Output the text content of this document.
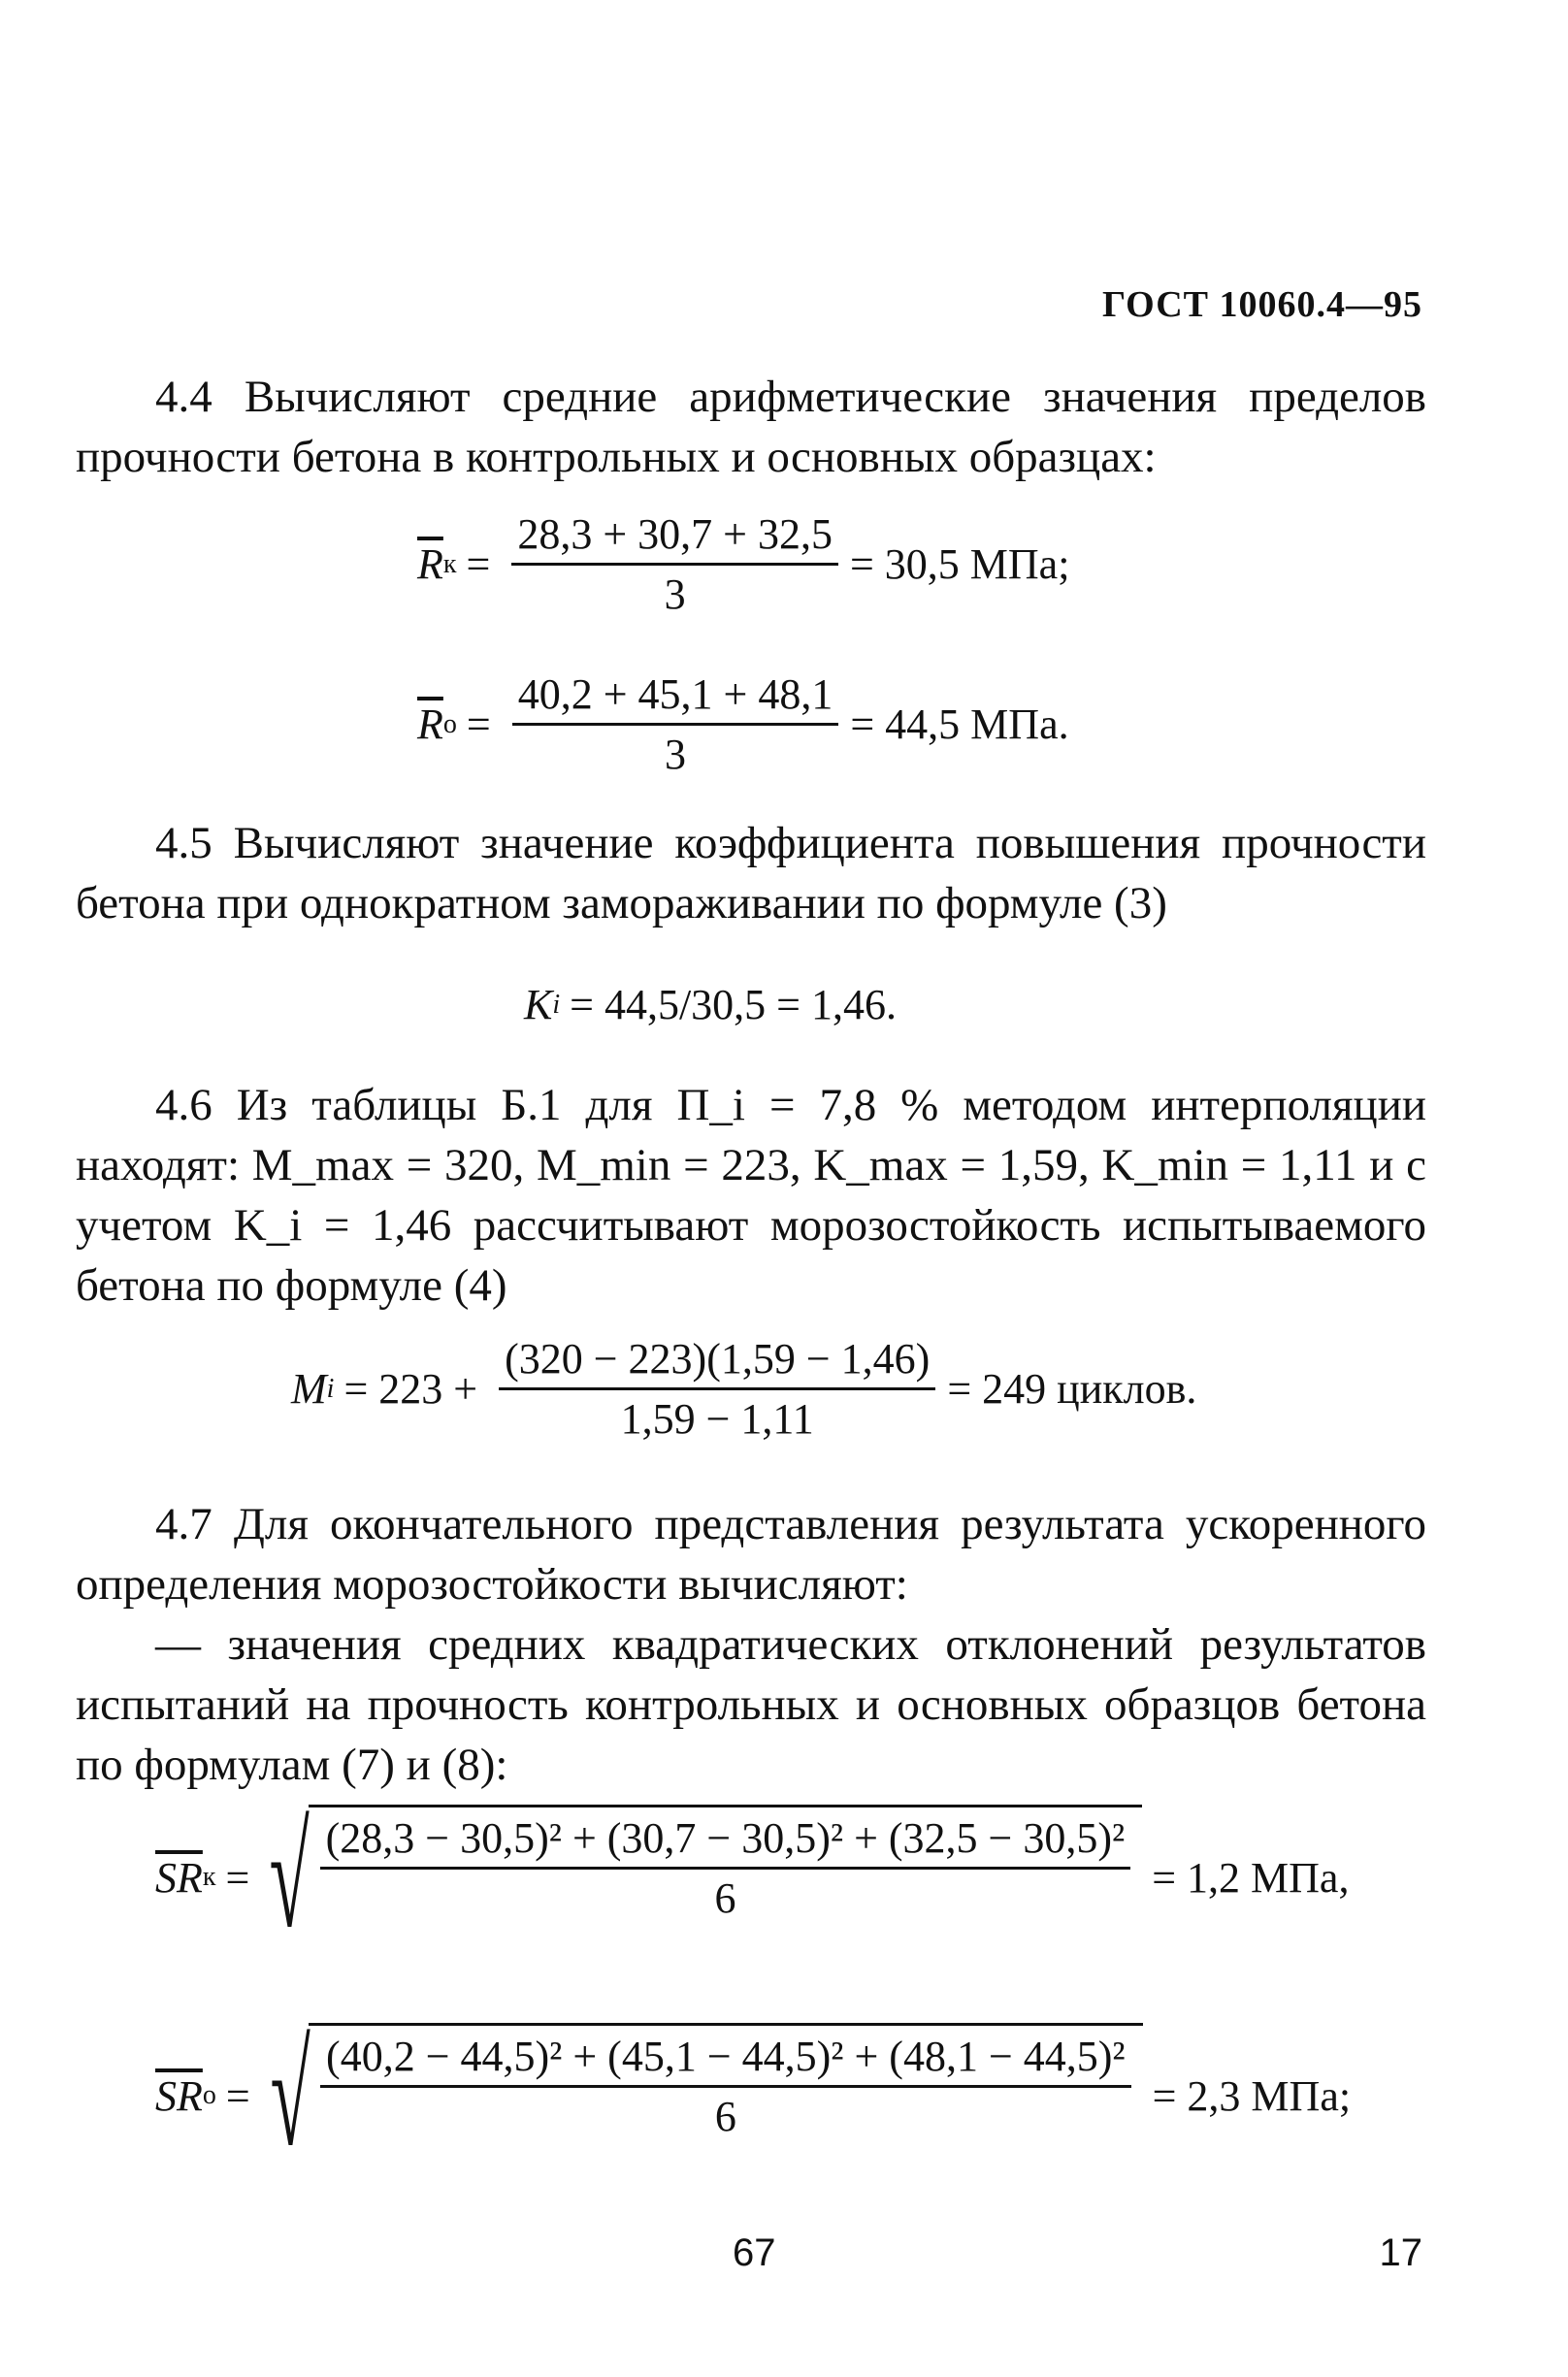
ГОСТ 10060.4—95

4.4 Вычисляют средние арифметические значения пределов прочности бетона в контрольных и основных образцах:

$\overline{R}$ $к = \frac{28,3 + 30,7 + 32,5}{3} = 30,5$ МПа;
$\overline{R}$ $о = \frac{40,2 + 45,1 + 48,1}{3} = 44,5$ МПа.

4.5 Вычисляют значение коэффициента повышения прочности бетона при однократном замораживании по формуле (3)

K i = 44,5/30,5 = 1,46.

4.6 Из таблицы Б.1 для П_i = 7,8 % методом интерполяции находят: M_max = 320, M_min = 223, K_max = 1,59, K_min = 1,11 и с учетом K_i = 1,46 рассчитывают морозостойкость испытываемого бетона по формуле (4)

M $i = 223 + \frac{(320 - 223)(1,59 - 1,46)}{1,59 - 1,11} = 249$ циклов.

4.7 Для окончательного представления результата ускоренного определения морозостойкости вычисляют:

— значения средних квадратических отклонений результатов испытаний на прочность контрольных и основных образцов бетона по формулам (7) и (8):

$\overline{SR}$ к = √ $\frac{\text{(28,3 − 30,5)² + (30,7 − 30,5)² + (32,5 − 30,5)²}}{6} = 1,2$ МПа,
$\overline{SR}$ о = √ $\frac{\text{(40,2 − 44,5)² + (45,1 − 44,5)² + (48,1 − 44,5)²}}{6} = 2,3$ МПа;
67	17
